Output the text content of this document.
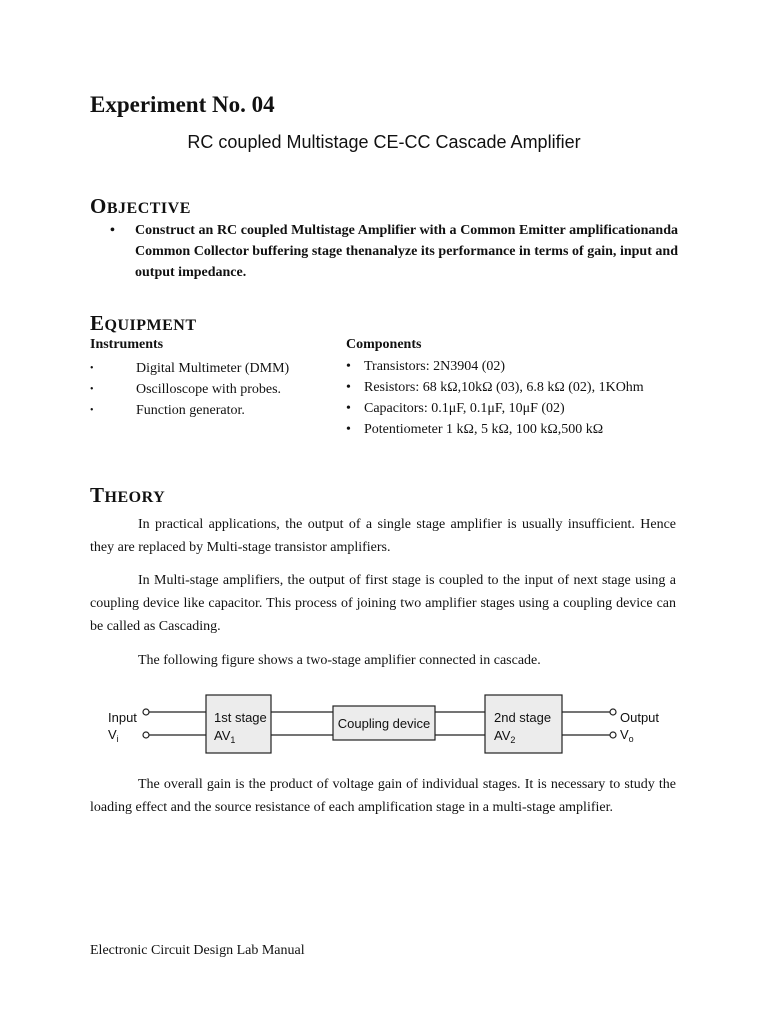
Experiment No. 04
RC coupled Multistage CE-CC Cascade Amplifier
OBJECTIVE
• Construct an RC coupled Multistage Amplifier with a Common Emitter amplificationanda Common Collector buffering stage thenanalyze its performance in terms of gain, input and output impedance.
EQUIPMENT
Instruments	Components
•	Digital Multimeter (DMM)
•	Oscilloscope with probes.
•	Function generator.
• Transistors: 2N3904 (02)
• Resistors: 68 kΩ,10kΩ (03), 6.8 kΩ (02), 1KOhm
• Capacitors: 0.1μF, 0.1μF, 10μF (02)
• Potentiometer 1 kΩ, 5 kΩ, 100 kΩ,500 kΩ
THEORY
In practical applications, the output of a single stage amplifier is usually insufficient. Hence they are replaced by Multi-stage transistor amplifiers.
In Multi-stage amplifiers, the output of first stage is coupled to the input of next stage using a coupling device like capacitor. This process of joining two amplifier stages using a coupling device can be called as Cascading.
The following figure shows a two-stage amplifier connected in cascade.
Input
$V_i$
1st stage
$AV_1$
Coupling device	2nd stage
$AV_2$
Output
$V_o$
The overall gain is the product of voltage gain of individual stages. It is necessary to study the loading effect and the source resistance of each amplification stage in a multi-stage amplifier.
Electronic Circuit Design Lab Manual
